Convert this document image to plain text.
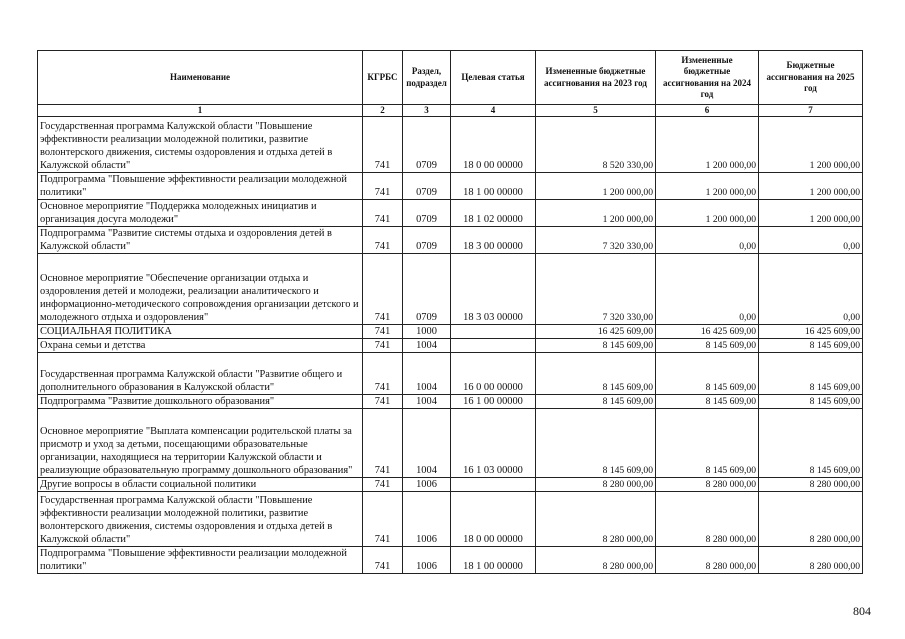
Наименование	КГРБС	Раздел, подраздел	Целевая статья	Измененные бюджетные ассигнования на 2023 год	Измененные бюджетные ассигнования на 2024 год	Бюджетные ассигнования на 2025 год
1	2	3	4	5	6	7
Государственная программа Калужской области "Повышение эффективности реализации молодежной политики, развитие волонтерского движения, системы оздоровления и отдыха детей в Калужской области"	741	0709	18 0 00 00000	8 520 330,00	1 200 000,00	1 200 000,00
Подпрограмма "Повышение эффективности реализации молодежной политики"	741	0709	18 1 00 00000	1 200 000,00	1 200 000,00	1 200 000,00
Основное мероприятие "Поддержка молодежных инициатив и организация досуга молодежи"	741	0709	18 1 02 00000	1 200 000,00	1 200 000,00	1 200 000,00
Подпрограмма "Развитие системы отдыха и оздоровления детей в Калужской области"	741	0709	18 3 00 00000	7 320 330,00	0,00	0,00
Основное мероприятие "Обеспечение организации отдыха и оздоровления детей и молодежи, реализации аналитического и информационно-методического сопровождения организации детского и молодежного отдыха и оздоровления"	741	0709	18 3 03 00000	7 320 330,00	0,00	0,00
СОЦИАЛЬНАЯ ПОЛИТИКА	741	1000		16 425 609,00	16 425 609,00	16 425 609,00
Охрана семьи и детства	741	1004		8 145 609,00	8 145 609,00	8 145 609,00
Государственная программа Калужской области "Развитие общего и дополнительного образования в Калужской области"	741	1004	16 0 00 00000	8 145 609,00	8 145 609,00	8 145 609,00
Подпрограмма "Развитие дошкольного образования"	741	1004	16 1 00 00000	8 145 609,00	8 145 609,00	8 145 609,00
Основное мероприятие "Выплата компенсации родительской платы за присмотр и уход за детьми, посещающими образовательные организации, находящиеся на территории Калужской области и реализующие образовательную программу дошкольного образования"	741	1004	16 1 03 00000	8 145 609,00	8 145 609,00	8 145 609,00
Другие вопросы в области социальной политики	741	1006		8 280 000,00	8 280 000,00	8 280 000,00
Государственная программа Калужской области "Повышение эффективности реализации молодежной политики, развитие волонтерского движения, системы оздоровления и отдыха детей в Калужской области"	741	1006	18 0 00 00000	8 280 000,00	8 280 000,00	8 280 000,00
Подпрограмма "Повышение эффективности реализации молодежной политики"	741	1006	18 1 00 00000	8 280 000,00	8 280 000,00	8 280 000,00
804
